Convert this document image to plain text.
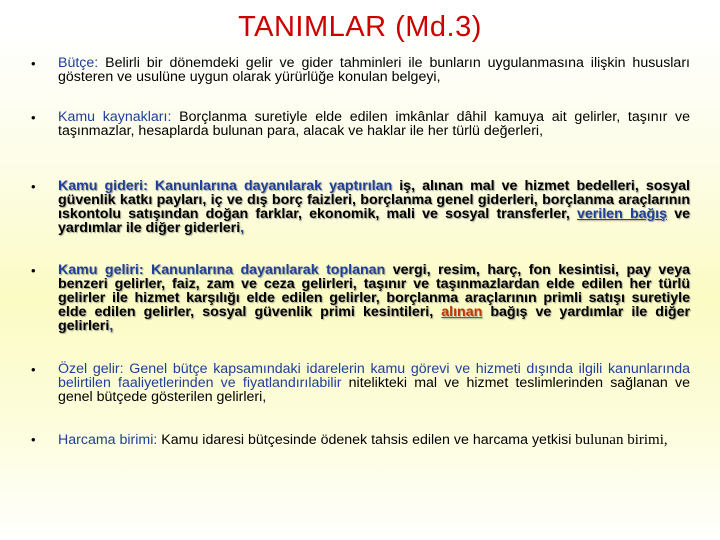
TANIMLAR (Md.3)
• Bütçe: Belirli bir dönemdeki gelir ve gider tahminleri ile bunların uygulanmasına ilişkin hususları gösteren ve usulüne uygun olarak yürürlüğe konulan belgeyi,
• Kamu kaynakları: Borçlanma suretiyle elde edilen imkânlar dâhil kamuya ait gelirler, taşınır ve taşınmazlar, hesaplarda bulunan para, alacak ve haklar ile her türlü değerleri,
• Kamu gideri: Kanunlarına dayanılarak yaptırılan iş, alınan mal ve hizmet bedelleri, sosyal güvenlik katkı payları, iç ve dış borç faizleri, borçlanma genel giderleri, borçlanma araçlarının ıskontolu satışından doğan farklar, ekonomik, mali ve sosyal transferler, verilen bağış ve yardımlar ile diğer giderleri,
• Kamu geliri: Kanunlarına dayanılarak toplanan vergi, resim, harç, fon kesintisi, pay veya benzeri gelirler, faiz, zam ve ceza gelirleri, taşınır ve taşınmazlardan elde edilen her türlü gelirler ile hizmet karşılığı elde edilen gelirler, borçlanma araçlarının primli satışı suretiyle elde edilen gelirler, sosyal güvenlik primi kesintileri, alınan bağış ve yardımlar ile diğer gelirleri,
• Özel gelir: Genel bütçe kapsamındaki idarelerin kamu görevi ve hizmeti dışında ilgili kanunlarında belirtilen faaliyetlerinden ve fiyatlandırılabilir nitelikteki mal ve hizmet teslimlerinden sağlanan ve genel bütçede gösterilen gelirleri,
• Harcama birimi: Kamu idaresi bütçesinde ödenek tahsis edilen ve harcama yetkisi bulunan birimi,
